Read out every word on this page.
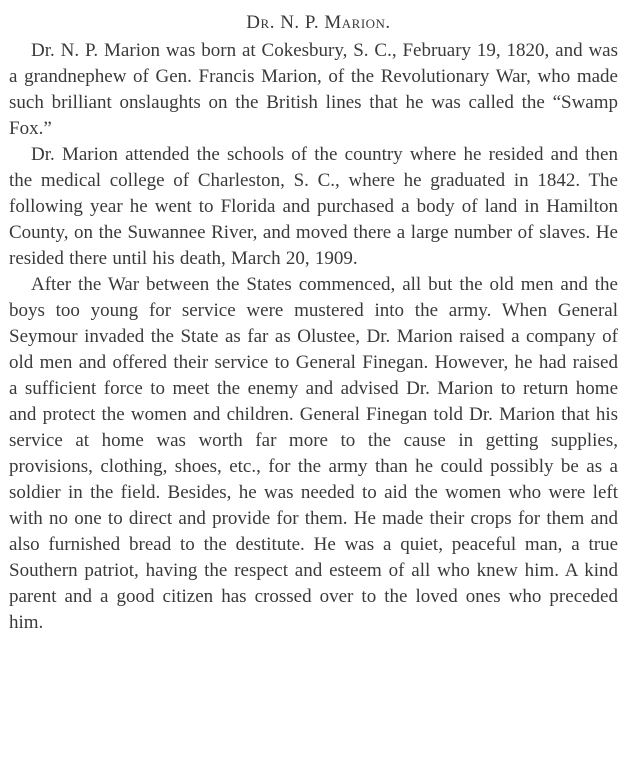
Dr. N. P. Marion.

Dr. N. P. Marion was born at Cokesbury, S. C., February 19, 1820, and was a grandnephew of Gen. Francis Marion, of the Revolutionary War, who made such brilliant onslaughts on the British lines that he was called the “Swamp Fox.”

Dr. Marion attended the schools of the country where he resided and then the medical college of Charleston, S. C., where he graduated in 1842. The following year he went to Florida and purchased a body of land in Hamilton County, on the Suwannee River, and moved there a large number of slaves. He resided there until his death, March 20, 1909.

After the War between the States commenced, all but the old men and the boys too young for service were mustered into the army. When General Seymour invaded the State as far as Olustee, Dr. Marion raised a company of old men and offered their service to General Finegan. However, he had raised a sufficient force to meet the enemy and advised Dr. Marion to return home and protect the women and children. General Finegan told Dr. Marion that his service at home was worth far more to the cause in getting supplies, provisions, clothing, shoes, etc., for the army than he could possibly be as a soldier in the field. Besides, he was needed to aid the women who were left with no one to direct and provide for them. He made their crops for them and also furnished bread to the destitute. He was a quiet, peaceful man, a true Southern patriot, having the respect and esteem of all who knew him. A kind parent and a good citizen has crossed over to the loved ones who preceded him.
